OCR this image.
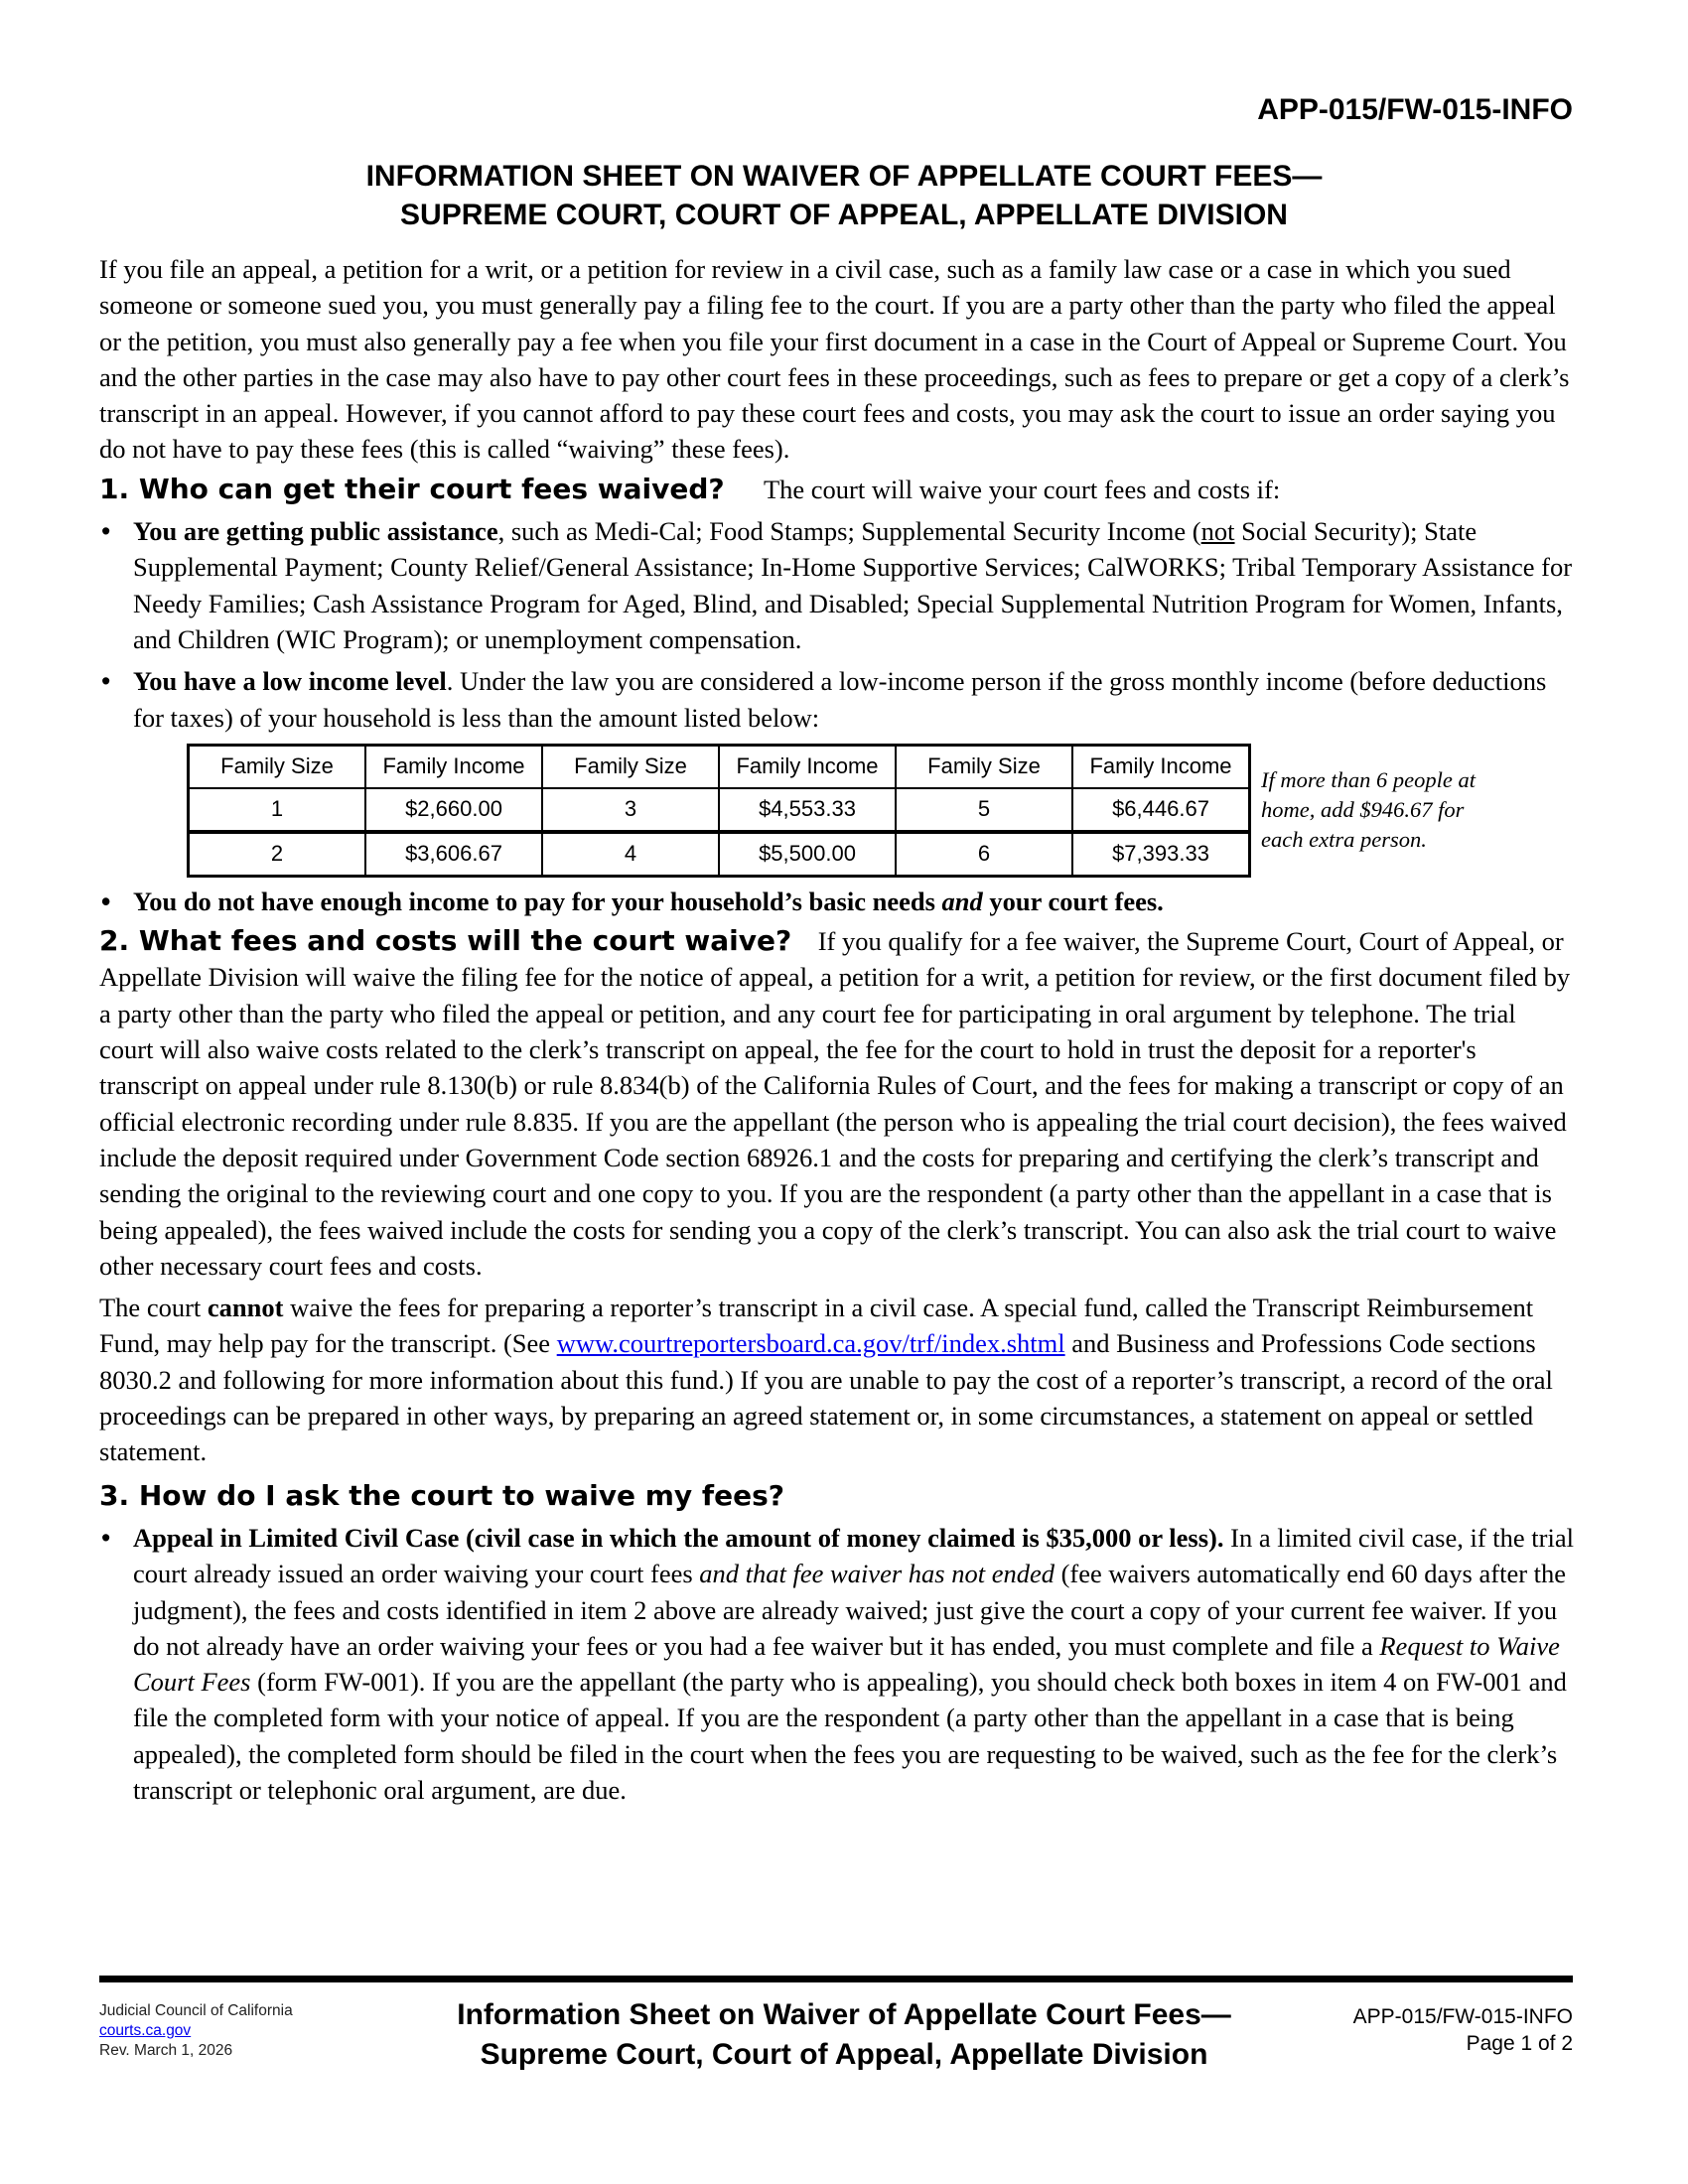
APP-015/FW-015-INFO
INFORMATION SHEET ON WAIVER OF APPELLATE COURT FEES—
SUPREME COURT, COURT OF APPEAL, APPELLATE DIVISION

If you file an appeal, a petition for a writ, or a petition for review in a civil case, such as a family law case or a case in which you sued someone or someone sued you, you must generally pay a filing fee to the court. If you are a party other than the party who filed the appeal or the petition, you must also generally pay a fee when you file your first document in a case in the Court of Appeal or Supreme Court. You and the other parties in the case may also have to pay other court fees in these proceedings, such as fees to prepare or get a copy of a clerk’s transcript in an appeal. However, if you cannot afford to pay these court fees and costs, you may ask the court to issue an order saying you do not have to pay these fees (this is called “waiving” these fees).

1. Who can get their court fees waived? The court will waive your court fees and costs if:

• You are getting public assistance, such as Medi-Cal; Food Stamps; Supplemental Security Income (not Social Security); State Supplemental Payment; County Relief/General Assistance; In-Home Supportive Services; CalWORKS; Tribal Temporary Assistance for Needy Families; Cash Assistance Program for Aged, Blind, and Disabled; Special Supplemental Nutrition Program for Women, Infants, and Children (WIC Program); or unemployment compensation.
• You have a low income level. Under the law you are considered a low-income person if the gross monthly income (before deductions for taxes) of your household is less than the amount listed below:
Family Size	Family Income	Family Size	Family Income	Family Size	Family Income
1	$2,660.00	3	$4,553.33	5	$6,446.67
2	$3,606.67	4	$5,500.00	6	$7,393.33
If more than 6 people at home, add $946.67 for each extra person.
• You do not have enough income to pay for your household’s basic needs and your court fees.

2. What fees and costs will the court waive? If you qualify for a fee waiver, the Supreme Court, Court of Appeal, or Appellate Division will waive the filing fee for the notice of appeal, a petition for a writ, a petition for review, or the first document filed by a party other than the party who filed the appeal or petition, and any court fee for participating in oral argument by telephone. The trial court will also waive costs related to the clerk’s transcript on appeal, the fee for the court to hold in trust the deposit for a reporter's transcript on appeal under rule 8.130(b) or rule 8.834(b) of the California Rules of Court, and the fees for making a transcript or copy of an official electronic recording under rule 8.835. If you are the appellant (the person who is appealing the trial court decision), the fees waived include the deposit required under Government Code section 68926.1 and the costs for preparing and certifying the clerk’s transcript and sending the original to the reviewing court and one copy to you. If you are the respondent (a party other than the appellant in a case that is being appealed), the fees waived include the costs for sending you a copy of the clerk’s transcript. You can also ask the trial court to waive other necessary court fees and costs.

The court cannot waive the fees for preparing a reporter’s transcript in a civil case. A special fund, called the Transcript Reimbursement Fund, may help pay for the transcript. (See www.courtreportersboard.ca.gov/trf/index.shtml and Business and Professions Code sections 8030.2 and following for more information about this fund.) If you are unable to pay the cost of a reporter’s transcript, a record of the oral proceedings can be prepared in other ways, by preparing an agreed statement or, in some circumstances, a statement on appeal or settled statement.

3. How do I ask the court to waive my fees?

• Appeal in Limited Civil Case (civil case in which the amount of money claimed is $35,000 or less). In a limited civil case, if the trial court already issued an order waiving your court fees and that fee waiver has not ended (fee waivers automatically end 60 days after the judgment), the fees and costs identified in item 2 above are already waived; just give the court a copy of your current fee waiver. If you do not already have an order waiving your fees or you had a fee waiver but it has ended, you must complete and file a Request to Waive Court Fees (form FW-001). If you are the appellant (the party who is appealing), you should check both boxes in item 4 on FW-001 and file the completed form with your notice of appeal. If you are the respondent (a party other than the appellant in a case that is being appealed), the completed form should be filed in the court when the fees you are requesting to be waived, such as the fee for the clerk’s transcript or telephonic oral argument, are due.
Judicial Council of California
courts.ca.gov
Rev. March 1, 2026
Information Sheet on Waiver of Appellate Court Fees—
Supreme Court, Court of Appeal, Appellate Division
APP-015/FW-015-INFO
Page 1 of 2
